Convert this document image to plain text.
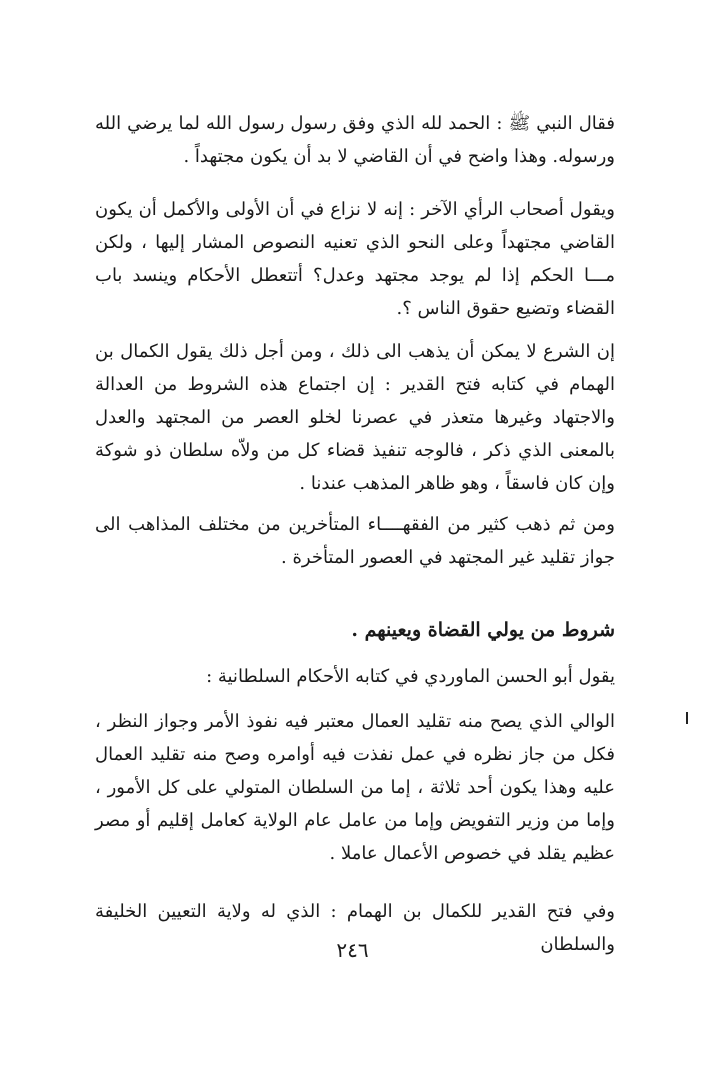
فقال النبي ﷺ : الحمد لله الذي وفق رسول رسول الله لما يرضي الله ورسوله. وهذا واضح في أن القاضي لا بد أن يكون مجتهداً .
ويقول أصحاب الرأي الآخر : إنه لا نزاع في أن الأولى والأكمل أن يكون القاضي مجتهداً وعلى النحو الذي تعنيه النصوص المشار إليها ، ولكن مـــا الحكم إذا لم يوجد مجتهد وعدل؟ أتتعطل الأحكام وينسد باب القضاء وتضيع حقوق الناس ؟.
إن الشرع لا يمكن أن يذهب الى ذلك ، ومن أجل ذلك يقول الكمال بن الهمام في كتابه فتح القدير : إن اجتماع هذه الشروط من العدالة والاجتهاد وغيرها متعذر في عصرنا لخلو العصر من المجتهد والعدل بالمعنى الذي ذكر ، فالوجه تنفيذ قضاء كل من ولاّه سلطان ذو شوكة وإن كان فاسقاً ، وهو ظاهر المذهب عندنا .
ومن ثم ذهب كثير من الفقهــــاء المتأخرين من مختلف المذاهب الى جواز تقليد غير المجتهد في العصور المتأخرة .
شروط من يولي القضاة ويعينهم .
يقول أبو الحسن الماوردي في كتابه الأحكام السلطانية :
الوالي الذي يصح منه تقليد العمال معتبر فيه نفوذ الأمر وجواز النظر ، فكل من جاز نظره في عمل نفذت فيه أوامره وصح منه تقليد العمال عليه وهذا يكون أحد ثلاثة ، إما من السلطان المتولي على كل الأمور ، وإما من وزير التفويض وإما من عامل عام الولاية كعامل إقليم أو مصر عظيم يقلد في خصوص الأعمال عاملا .
وفي فتح القدير للكمال بن الهمام : الذي له ولاية التعيين الخليفة والسلطان
٢٤٦
